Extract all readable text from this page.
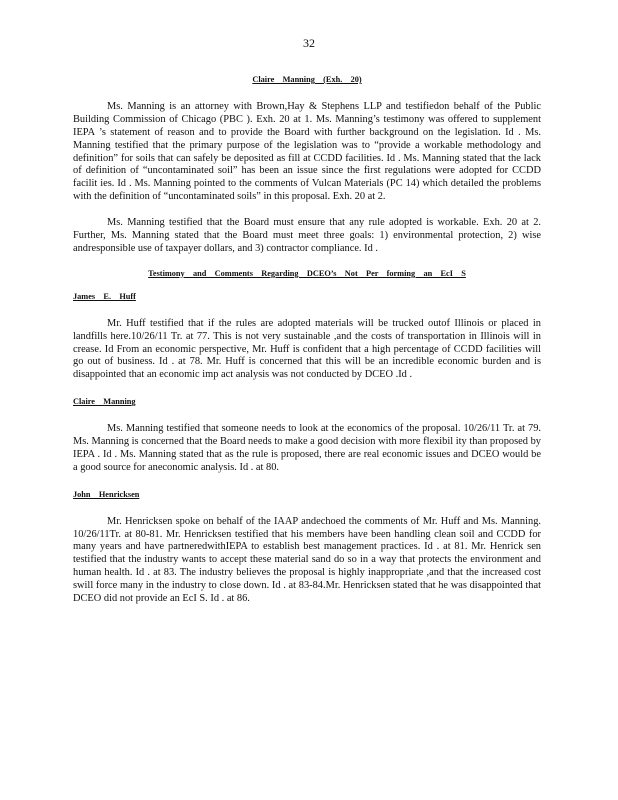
32
Claire    Manning    (Exh.    20)

Ms. Manning is an attorney with Brown,Hay & Stephens LLP and testifiedon behalf of the Public Building Commission of Chicago (PBC ). Exh. 20 at 1. Ms. Manning’s testimony was offered to supplement IEPA ’s statement of reason and to provide the Board with further background on the legislation. Id . Ms. Manning testified that the primary purpose of the legislation was to “provide a workable methodology and definition” for soils that can safely be deposited as fill at CCDD facilities. Id . Ms. Manning stated that the lack of definition of “uncontaminated soil” has been an issue since the first regulations were adopted for CCDD facilit ies. Id . Ms. Manning pointed to the comments of Vulcan Materials (PC 14) which detailed the problems with the definition of “uncontaminated soils” in this proposal. Exh. 20 at 2.

Ms. Manning testified that the Board must ensure that any rule adopted is workable. Exh. 20 at 2. Further, Ms. Manning stated that the Board must meet three goals: 1) environmental protection, 2) wise andresponsible use of taxpayer dollars, and 3) contractor compliance. Id .

Testimony    and    Comments    Regarding    DCEO’s    Not    Per    forming    an    EcI    S
James    E.    Huff

Mr. Huff testified that if the rules are adopted materials will be trucked outof Illinois or placed in landfills here.10/26/11 Tr. at 77. This is not very sustainable ,and the costs of transportation in Illinois will in crease. Id From an economic perspective, Mr. Huff is confident that a high percentage of CCDD facilities will go out of business. Id . at 78. Mr. Huff is concerned that this will be an incredible economic burden and is disappointed that an economic imp act analysis was not conducted by DCEO .Id .

Claire    Manning

Ms. Manning testified that someone needs to look at the economics of the proposal. 10/26/11 Tr. at 79. Ms. Manning is concerned that the Board needs to make a good decision with more flexibil ity than proposed by IEPA . Id . Ms. Manning stated that as the rule is proposed, there are real economic issues and DCEO would be a good source for aneconomic analysis. Id . at 80.

John    Henricksen

Mr. Henricksen spoke on behalf of the IAAP andechoed the comments of Mr. Huff and Ms. Manning. 10/26/11Tr. at 80-81. Mr. Henricksen testified that his members have been handling clean soil and CCDD for many years and have partneredwithIEPA to establish best management practices. Id . at 81. Mr. Henrick sen testified that the industry wants to accept these material sand do so in a way that protects the environment and human health. Id . at 83. The industry believes the proposal is highly inappropriate ,and that the increased cost swill force many in the industry to close down. Id . at 83-84.Mr. Henricksen stated that he was disappointed that DCEO did not provide an EcI S. Id . at 86.
